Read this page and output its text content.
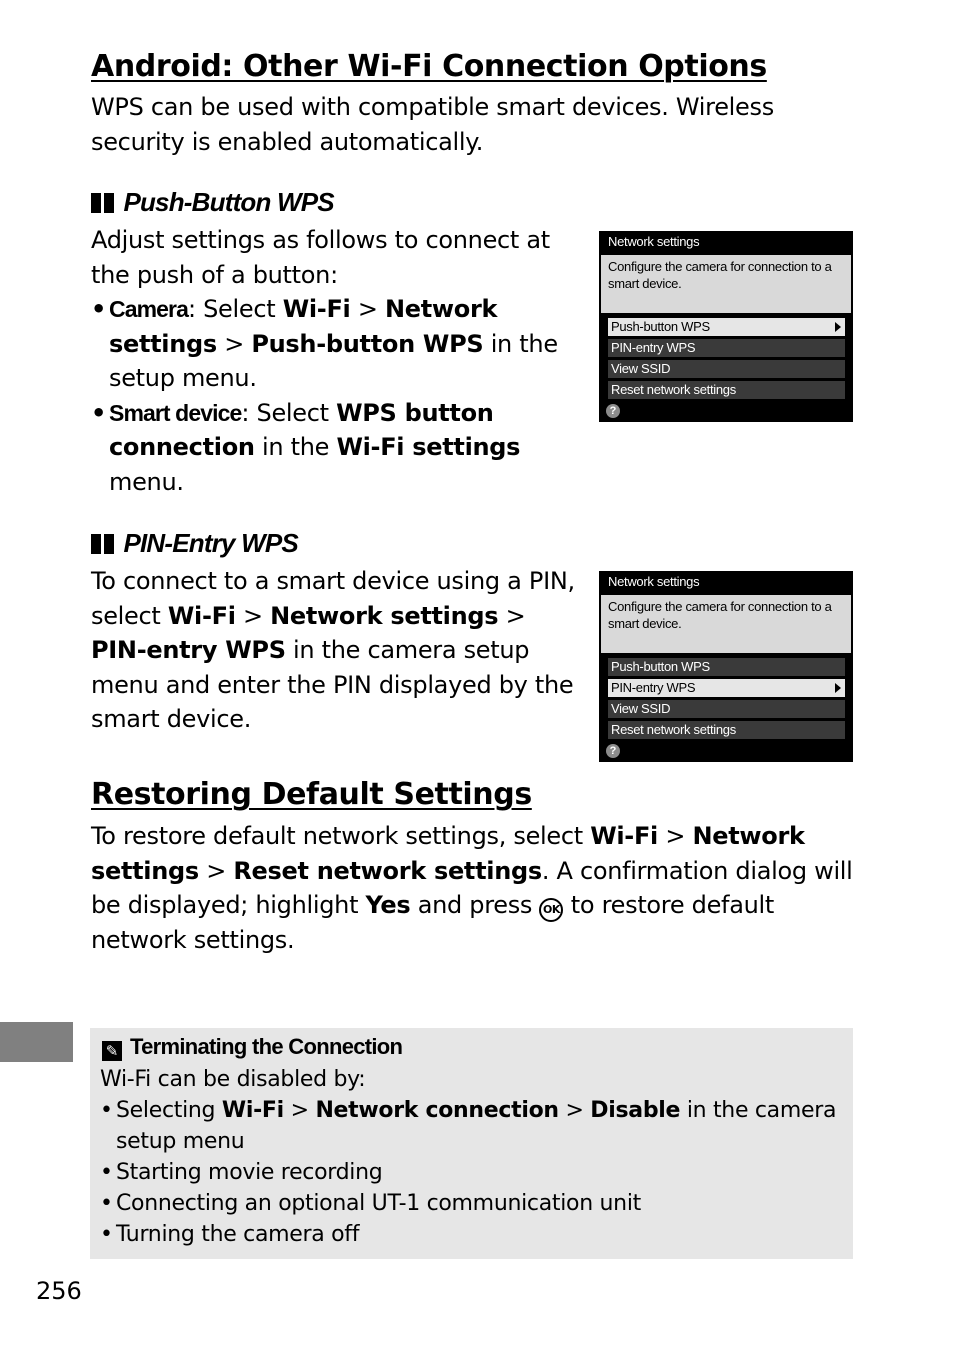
Android: Other Wi-Fi Connection Options
WPS can be used with compatible smart devices. Wireless security is enabled automatically.
Push-Button WPS
Adjust settings as follows to connect at the push of a button:
• Camera: Select Wi-Fi > Network settings > Push-button WPS in the setup menu.
• Smart device: Select WPS button connection in the Wi-Fi settings menu.
Network settings
Configure the camera for connection to a smart device.
Push-button WPS
PIN-entry WPS
View SSID
Reset network settings
?
PIN-Entry WPS
To connect to a smart device using a PIN, select Wi-Fi > Network settings > PIN-entry WPS in the camera setup menu and enter the PIN displayed by the smart device.
Network settings
Configure the camera for connection to a smart device.
Push-button WPS
PIN-entry WPS
View SSID
Reset network settings
?
Restoring Default Settings
To restore default network settings, select Wi-Fi > Network settings > Reset network settings. A confirmation dialog will be displayed; highlight Yes and press OK to restore default network settings.
✎ Terminating the Connection
Wi-Fi can be disabled by:
• Selecting Wi-Fi > Network connection > Disable in the camera setup menu
• Starting movie recording
• Connecting an optional UT-1 communication unit
• Turning the camera off
256
